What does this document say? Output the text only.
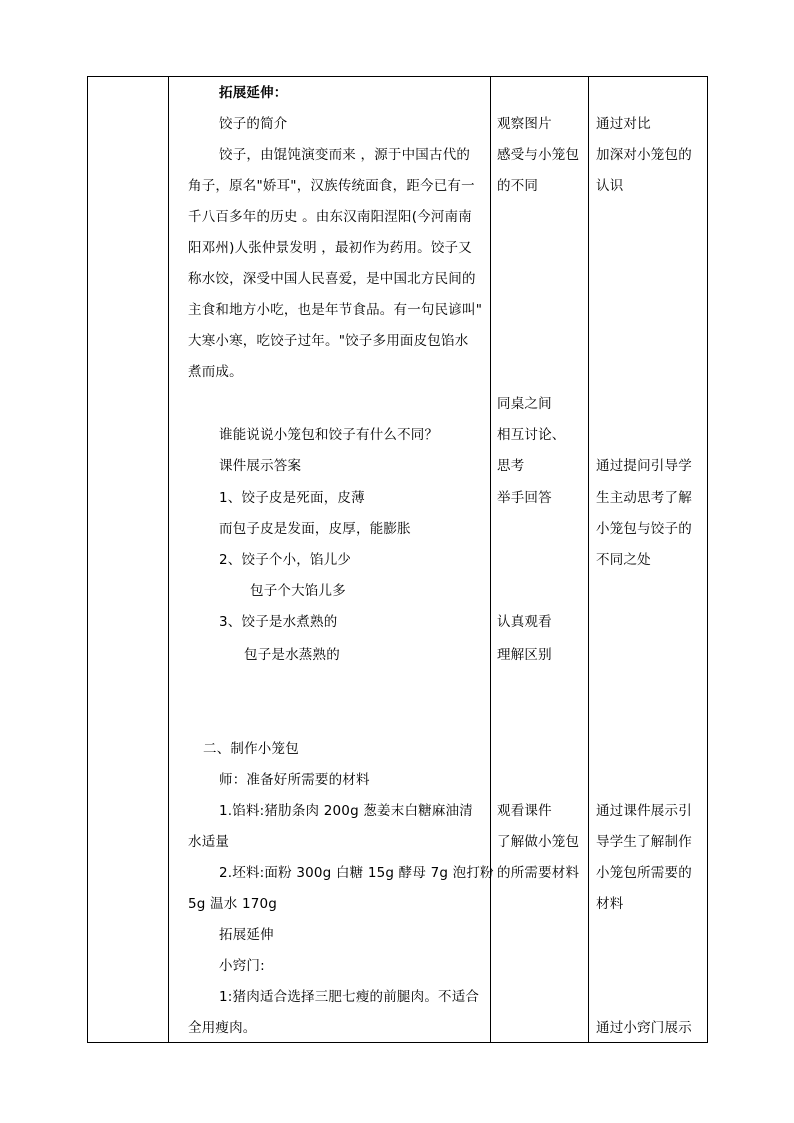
拓展延伸：
饺子的简介
饺子，由馄饨演变而来 ，源于中国古代的
角子，原名"娇耳"，汉族传统面食，距今已有一
千八百多年的历史 。由东汉南阳涅阳(今河南南
阳邓州)人张仲景发明 ，最初作为药用。饺子又
称水饺，深受中国人民喜爱，是中国北方民间的
主食和地方小吃，也是年节食品。有一句民谚叫"
大寒小寒，吃饺子过年。"饺子多用面皮包馅水
煮而成。
谁能说说小笼包和饺子有什么不同？
课件展示答案
1、饺子皮是死面，皮薄
而包子皮是发面，皮厚，能膨胀
2、饺子个小，馅儿少
包子个大馅儿多
3、饺子是水煮熟的
包子是水蒸熟的
二、制作小笼包
师：准备好所需要的材料
1.馅料:猪肋条肉 200g 葱姜末白糖麻油清
水适量
2.坯料:面粉 300g 白糖 15g 酵母 7g 泡打粉
5g 温水 170g
拓展延伸
小窍门:
1:猪肉适合选择三肥七瘦的前腿肉。不适合
全用瘦肉。
观察图片
感受与小笼包
的不同
同桌之间
相互讨论、
思考
举手回答
认真观看
理解区别
观看课件
了解做小笼包
的所需要材料
通过对比
加深对小笼包的
认识
通过提问引导学
生主动思考了解
小笼包与饺子的
不同之处
通过课件展示引
导学生了解制作
小笼包所需要的
材料
通过小窍门展示
